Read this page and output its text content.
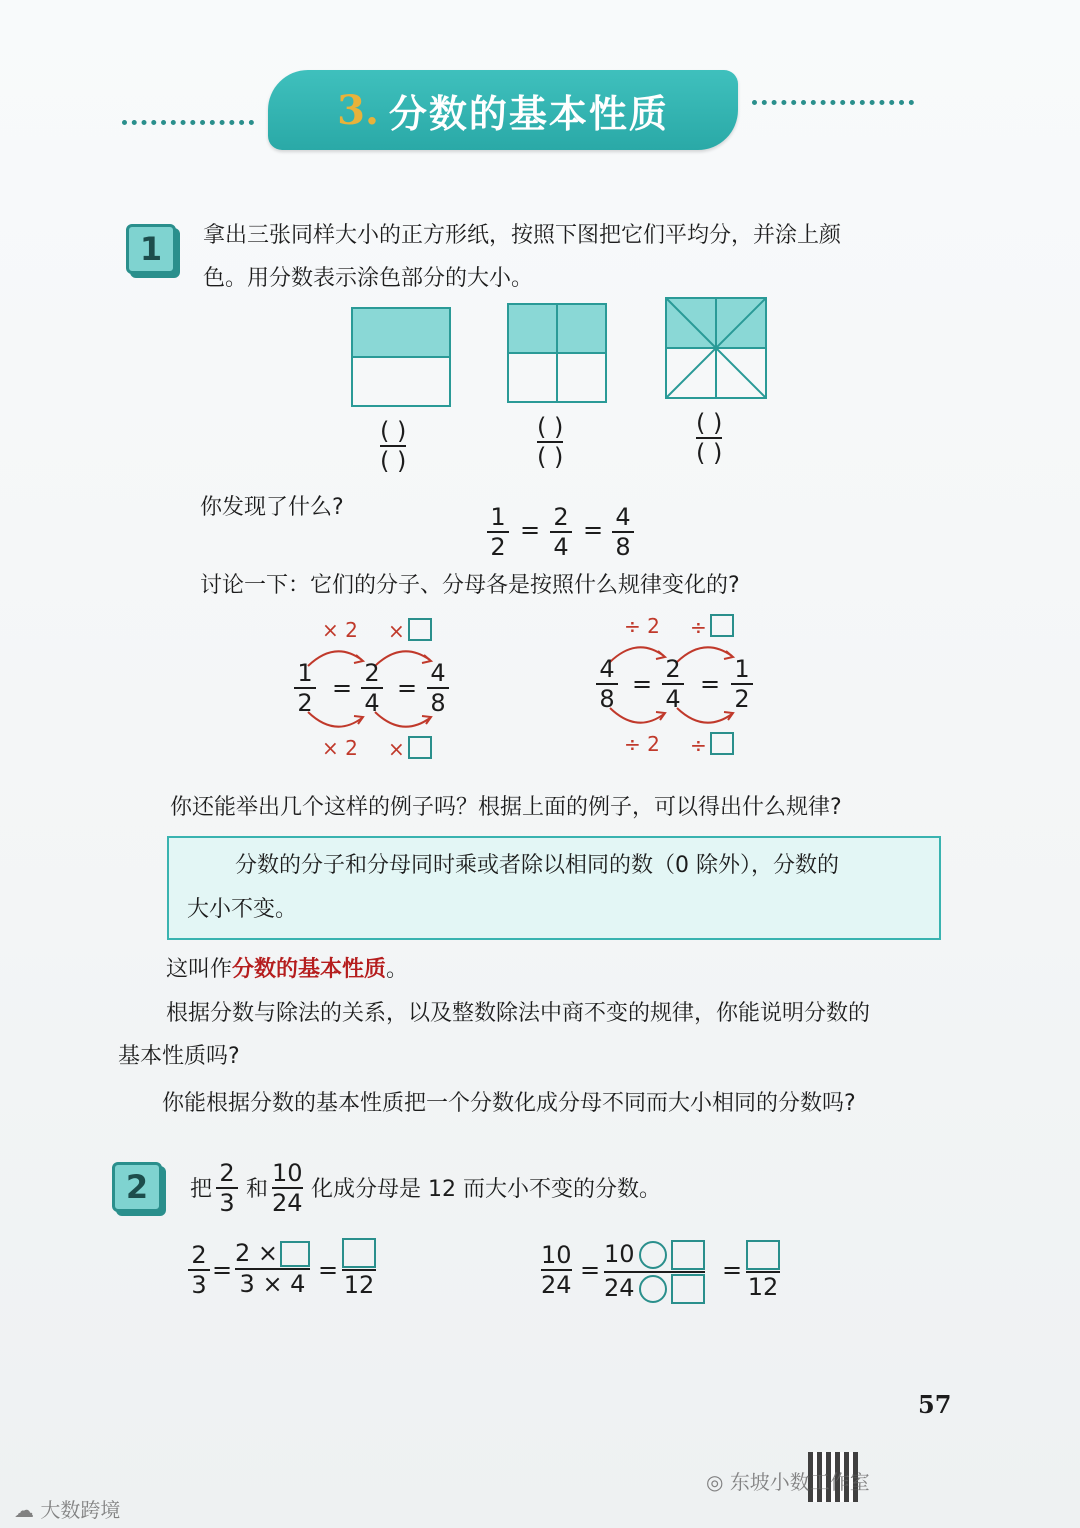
3. 分数的基本性质
1	拿出三张同样大小的正方形纸，按照下图把它们平均分，并涂上颜
色。用分数表示涂色部分的大小。
( )
( )
( )
( )
( )
( )
你发现了什么?	1
2
= 2
4
= 4
8
讨论一下：它们的分子、分母各是按照什么规律变化的?
× 2 ×
1
2
=
2
4
=
4
8
× 2 ×
÷ 2 ÷
4
8
=
2
4
=
1
2
÷ 2 ÷
你还能举出几个这样的例子吗？根据上面的例子，可以得出什么规律?
分数的分子和分母同时乘或者除以相同的数（0 除外），分数的
大小不变。
这叫作分数的基本性质。
根据分数与除法的关系，以及整数除法中商不变的规律，你能说明分数的
基本性质吗?
你能根据分数的基本性质把一个分数化成分母不同而大小相同的分数吗?
2	把
2
3 和
10
24 化成分母是 12 而大小不变的分数。
2
3
=
2 ×
3 × 4 =
12
10
24
=
10
24
=
12
57
☁ 大数跨境
◎ 东坡小数工作室
